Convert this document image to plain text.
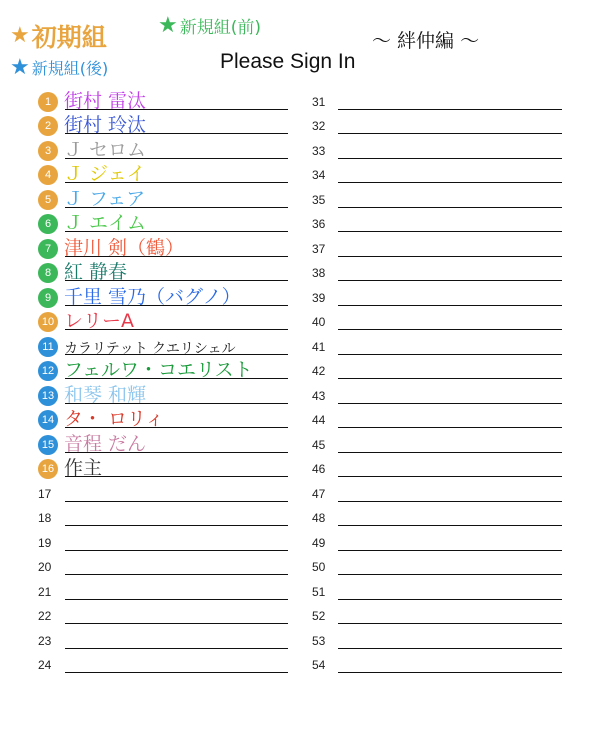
★ 初期組 ★ 新規組(前)
★ 新規組(後)
～ 絆仲編 ～
Please Sign In
1 街村 雷汰
2 街村 玲汰
3 Ｊ セロム
4 Ｊ ジェイ
5 Ｊ フェア
6 Ｊ エイム
7 津川 剣（鶴）
8 紅 静春
9 千里 雪乃（バグノ）
10 レリーA
11 カラリテット クエリシェル
12 フェルワ・コエリスト
13 和琴 和輝
14 タ・ ロリィ
15 音程 だん
16 作主
17
18
19
20
21
22
23
24
31
32
33
34
35
36
37
38
39
40
41
42
43
44
45
46
47
48
49
50
51
52
53
54
